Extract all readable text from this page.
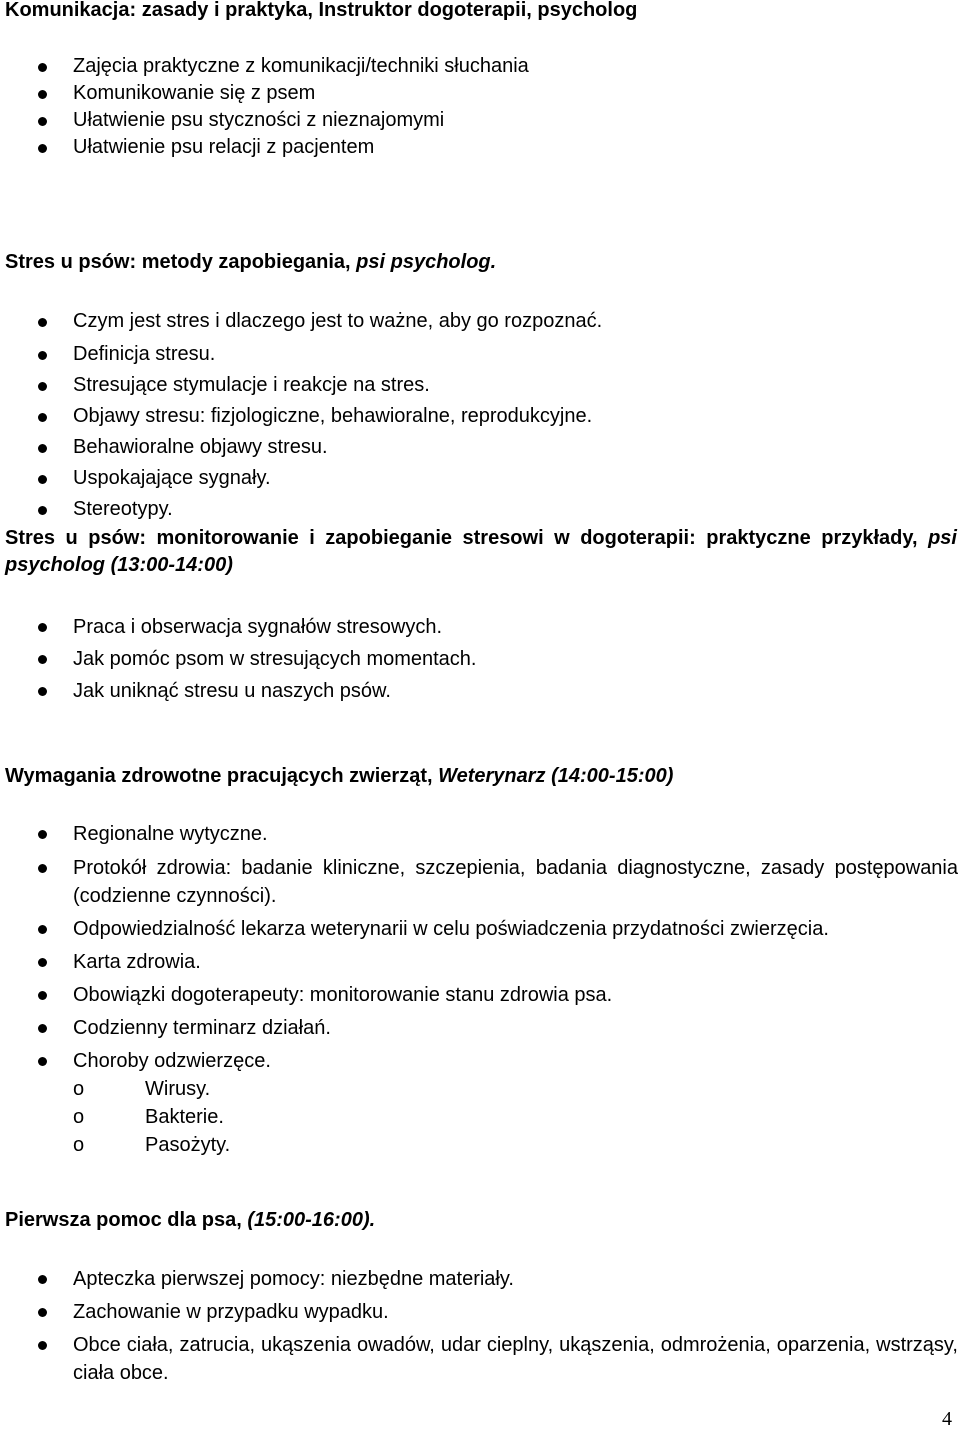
Komunikacja: zasady i praktyka, Instruktor dogoterapii, psycholog
Zajęcia praktyczne z komunikacji/techniki słuchania
Komunikowanie się z psem
Ułatwienie psu styczności z nieznajomymi
Ułatwienie psu relacji z pacjentem
Stres u psów: metody zapobiegania, psi psycholog.
Czym jest stres i dlaczego jest to ważne, aby go rozpoznać.
Definicja stresu.
Stresujące stymulacje i reakcje na stres.
Objawy stresu: fizjologiczne, behawioralne, reprodukcyjne.
Behawioralne objawy stresu.
Uspokajające sygnały.
Stereotypy.
Stres u psów: monitorowanie i zapobieganie stresowi w dogoterapii: praktyczne przykłady, psi psycholog (13:00-14:00)
Praca i obserwacja sygnałów stresowych.
Jak pomóc psom w stresujących momentach.
Jak uniknąć stresu u naszych psów.
Wymagania zdrowotne pracujących zwierząt, Weterynarz (14:00-15:00)
Regionalne wytyczne.
Protokół zdrowia: badanie kliniczne, szczepienia, badania diagnostyczne, zasady postępowania (codzienne czynności).
Odpowiedzialność lekarza weterynarii w celu poświadczenia przydatności zwierzęcia.
Karta zdrowia.
Obowiązki dogoterapeuty: monitorowanie stanu zdrowia psa.
Codzienny terminarz działań.
Choroby odzwierzęce.
o	Wirusy.
o	Bakterie.
o	Pasożyty.
Pierwsza pomoc dla psa, (15:00-16:00).
Apteczka pierwszej pomocy: niezbędne materiały.
Zachowanie w przypadku wypadku.
Obce ciała, zatrucia, ukąszenia owadów, udar cieplny, ukąszenia, odmrożenia, oparzenia, wstrząsy, ciała obce.
4
